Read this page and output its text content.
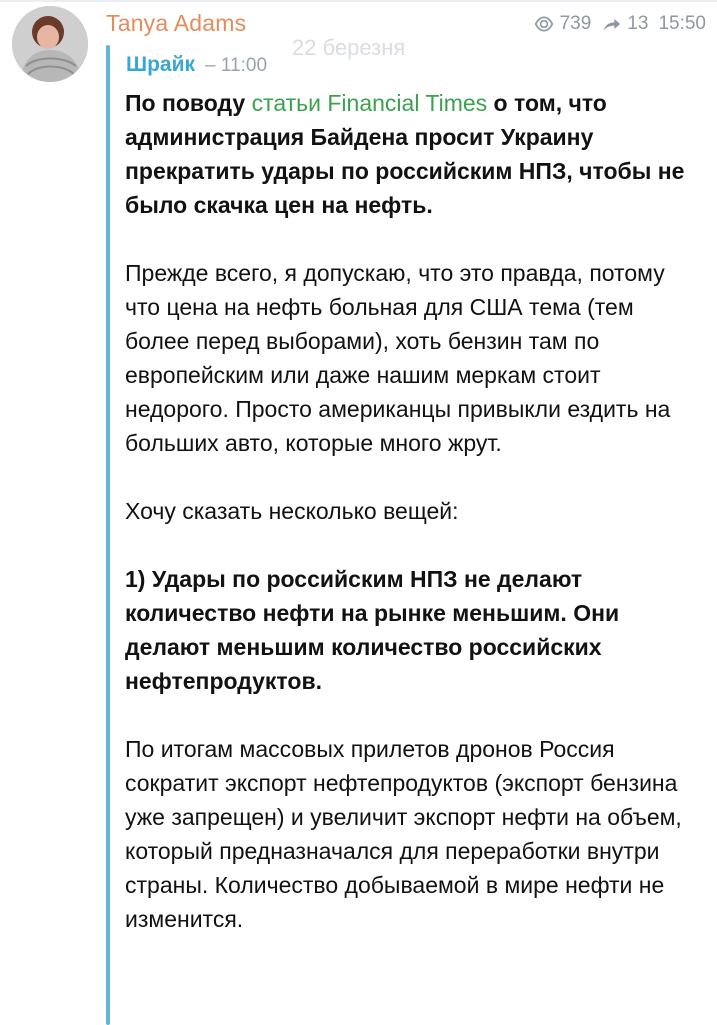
Tanya Adams	739 13 15:50
22 березня
Шрайк – 11:00

По поводу статьи Financial Times о том, что администрация Байдена просит Украину прекратить удары по российским НПЗ, чтобы не было скачка цен на нефть.

Прежде всего, я допускаю, что это правда, потому что цена на нефть больная для США тема (тем более перед выборами), хоть бензин там по европейским или даже нашим меркам стоит недорого. Просто американцы привыкли ездить на больших авто, которые много жрут.

Хочу сказать несколько вещей:

1) Удары по российским НПЗ не делают количество нефти на рынке меньшим. Они делают меньшим количество российских нефтепродуктов.

По итогам массовых прилетов дронов Россия сократит экспорт нефтепродуктов (экспорт бензина уже запрещен) и увеличит экспорт нефти на объем, который предназначался для переработки внутри страны. Количество добываемой в мире нефти не изменится.
